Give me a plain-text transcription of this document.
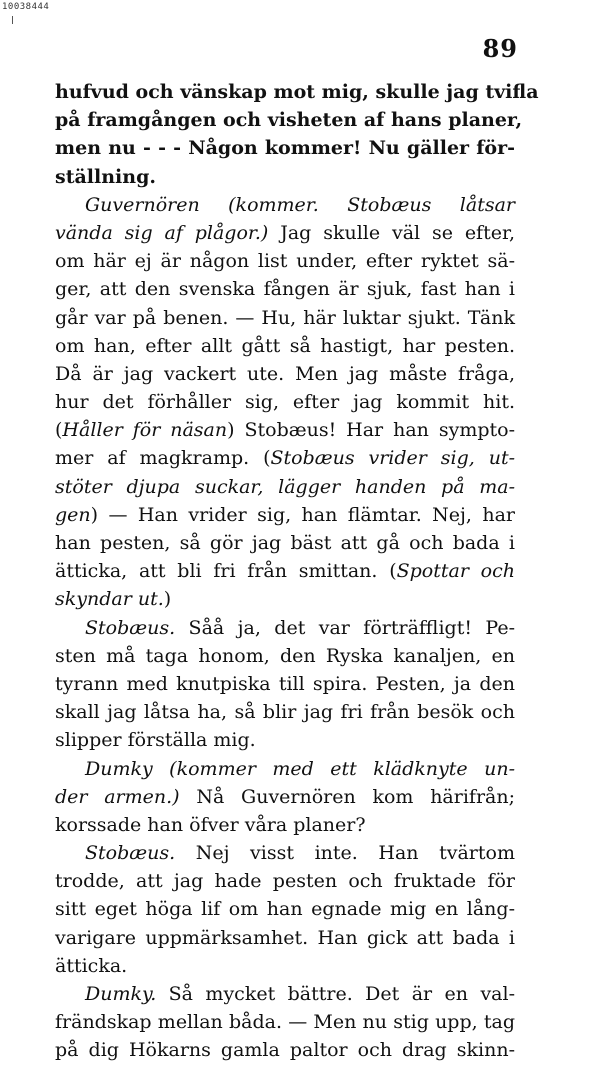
10038444
89
hufvud och vänskap mot mig, skulle jag tvifla
på framgången och visheten af hans planer,
men nu - - - Någon kommer! Nu gäller för-
ställning.
Guvernören (kommer. Stobæus låtsar
vända sig af plågor.) Jag skulle väl se efter,
om här ej är någon list under, efter ryktet sä-
ger, att den svenska fången är sjuk, fast han i
går var på benen. — Hu, här luktar sjukt. Tänk
om han, efter allt gått så hastigt, har pesten.
Då är jag vackert ute. Men jag måste fråga,
hur det förhåller sig, efter jag kommit hit.
(Håller för näsan) Stobæus! Har han sympto-
mer af magkramp. (Stobæus vrider sig, ut-
stöter djupa suckar, lägger handen på ma-
gen) — Han vrider sig, han flämtar. Nej, har
han pesten, så gör jag bäst att gå och bada i
ätticka, att bli fri från smittan. (Spottar och
skyndar ut.)
Stobæus. Såå ja, det var förträffligt! Pe-
sten må taga honom, den Ryska kanaljen, en
tyrann med knutpiska till spira. Pesten, ja den
skall jag låtsa ha, så blir jag fri från besök och
slipper förställa mig.
Dumky (kommer med ett klädknyte un-
der armen.) Nå Guvernören kom härifrån;
korssade han öfver våra planer?
Stobæus. Nej visst inte. Han tvärtom
trodde, att jag hade pesten och fruktade för
sitt eget höga lif om han egnade mig en lång-
varigare uppmärksamhet. Han gick att bada i
ätticka.
Dumky. Så mycket bättre. Det är en val-
frändskap mellan båda. — Men nu stig upp, tag
på dig Hökarns gamla paltor och drag skinn-
